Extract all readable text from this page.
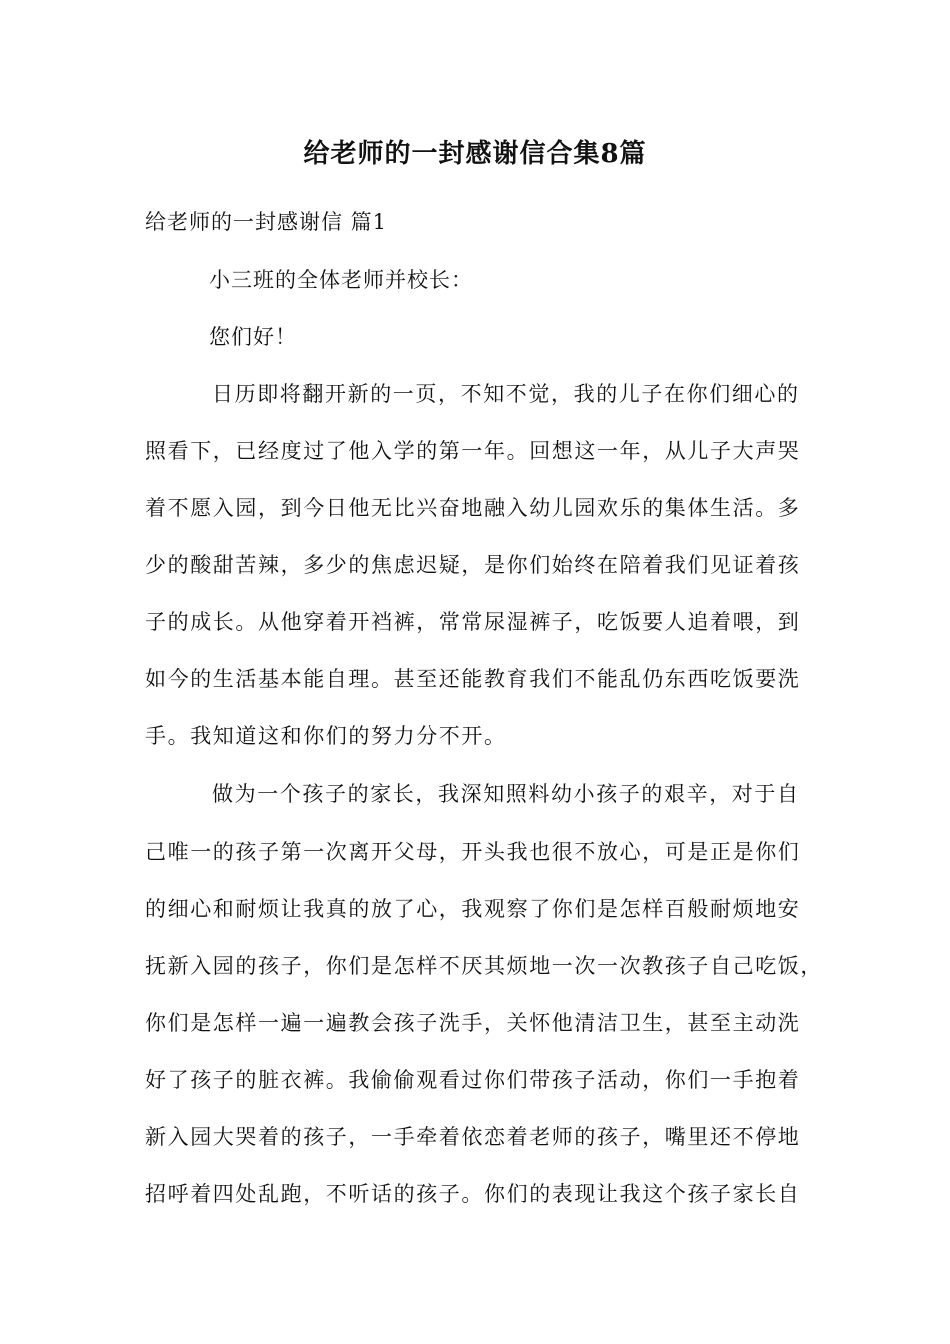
给老师的一封感谢信合集8篇
给老师的一封感谢信 篇1
小三班的全体老师并校长：
您们好！
日历即将翻开新的一页，不知不觉，我的儿子在你们细心的
照看下，已经度过了他入学的第一年。回想这一年，从儿子大声哭
着不愿入园，到今日他无比兴奋地融入幼儿园欢乐的集体生活。多
少的酸甜苦辣，多少的焦虑迟疑，是你们始终在陪着我们见证着孩
子的成长。从他穿着开裆裤，常常尿湿裤子，吃饭要人追着喂，到
如今的生活基本能自理。甚至还能教育我们不能乱仍东西吃饭要洗
手。我知道这和你们的努力分不开。
做为一个孩子的家长，我深知照料幼小孩子的艰辛，对于自
己唯一的孩子第一次离开父母，开头我也很不放心，可是正是你们
的细心和耐烦让我真的放了心，我观察了你们是怎样百般耐烦地安
抚新入园的孩子，你们是怎样不厌其烦地一次一次教孩子自己吃饭，
你们是怎样一遍一遍教会孩子洗手，关怀他清洁卫生，甚至主动洗
好了孩子的脏衣裤。我偷偷观看过你们带孩子活动，你们一手抱着
新入园大哭着的孩子，一手牵着依恋着老师的孩子，嘴里还不停地
招呼着四处乱跑，不听话的孩子。你们的表现让我这个孩子家长自
